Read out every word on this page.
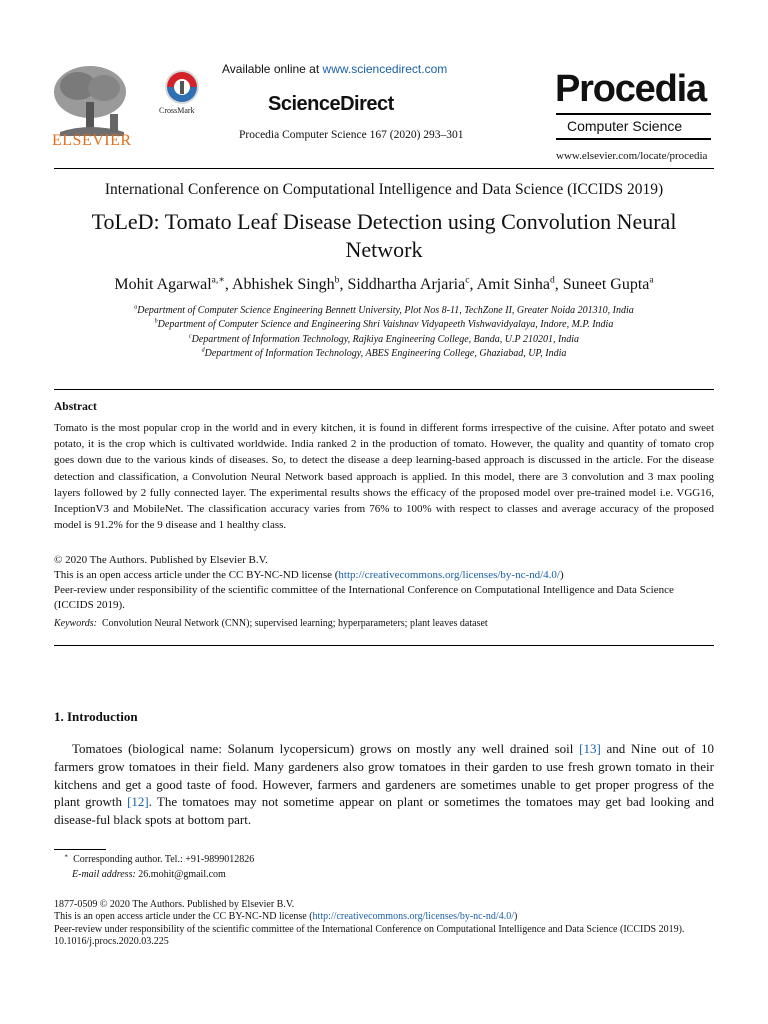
ELSEVIER
CrossMark
Available online at www.sciencedirect.com
ScienceDirect
Procedia Computer Science 167 (2020) 293–301
Procedia
Computer Science
www.elsevier.com/locate/procedia
International Conference on Computational Intelligence and Data Science (ICCIDS 2019)
ToLeD: Tomato Leaf Disease Detection using Convolution Neural Network
Mohit Agarwal$^{a,∗}$, Abhishek Singh$^b$, Siddhartha Arjaria$^c$, Amit Sinha$^d$, Suneet Gupta$^a$
$^a$Department of Computer Science Engineering Bennett University, Plot Nos 8-11, TechZone II, Greater Noida 201310, India
$^b$Department of Computer Science and Engineering Shri Vaishnav Vidyapeeth Vishwavidyalaya, Indore, M.P. India
$^c$Department of Information Technology, Rajkiya Engineering College, Banda, U.P 210201, India
$^d$Department of Information Technology, ABES Engineering College, Ghaziabad, UP, India
Abstract
Tomato is the most popular crop in the world and in every kitchen, it is found in different forms irrespective of the cuisine. After potato and sweet potato, it is the crop which is cultivated worldwide. India ranked 2 in the production of tomato. However, the quality and quantity of tomato crop goes down due to the various kinds of diseases. So, to detect the disease a deep learning-based approach is discussed in the article. For the disease detection and classification, a Convolution Neural Network based approach is applied. In this model, there are 3 convolution and 3 max pooling layers followed by 2 fully connected layer. The experimental results shows the efficacy of the proposed model over pre-trained model i.e. VGG16, InceptionV3 and MobileNet. The classification accuracy varies from 76% to 100% with respect to classes and average accuracy of the proposed model is 91.2% for the 9 disease and 1 healthy class.
© 2020 The Authors. Published by Elsevier B.V.
This is an open access article under the CC BY-NC-ND license (http://creativecommons.org/licenses/by-nc-nd/4.0/)
Peer-review under responsibility of the scientific committee of the International Conference on Computational Intelligence and Data Science (ICCIDS 2019).
Keywords: Convolution Neural Network (CNN); supervised learning; hyperparameters; plant leaves dataset
1. Introduction
Tomatoes (biological name: Solanum lycopersicum) grows on mostly any well drained soil [13] and Nine out of 10 farmers grow tomatoes in their field. Many gardeners also grow tomatoes in their garden to use fresh grown tomato in their kitchens and get a good taste of food. However, farmers and gardeners are sometimes unable to get proper progress of the plant growth [12]. The tomatoes may not sometime appear on plant or sometimes the tomatoes may get bad looking and disease-ful black spots at bottom part.
∗ Corresponding author. Tel.: +91-9899012826
E-mail address: 26.mohit@gmail.com
1877-0509 © 2020 The Authors. Published by Elsevier B.V.
This is an open access article under the CC BY-NC-ND license (http://creativecommons.org/licenses/by-nc-nd/4.0/)
Peer-review under responsibility of the scientific committee of the International Conference on Computational Intelligence and Data Science (ICCIDS 2019).
10.1016/j.procs.2020.03.225
